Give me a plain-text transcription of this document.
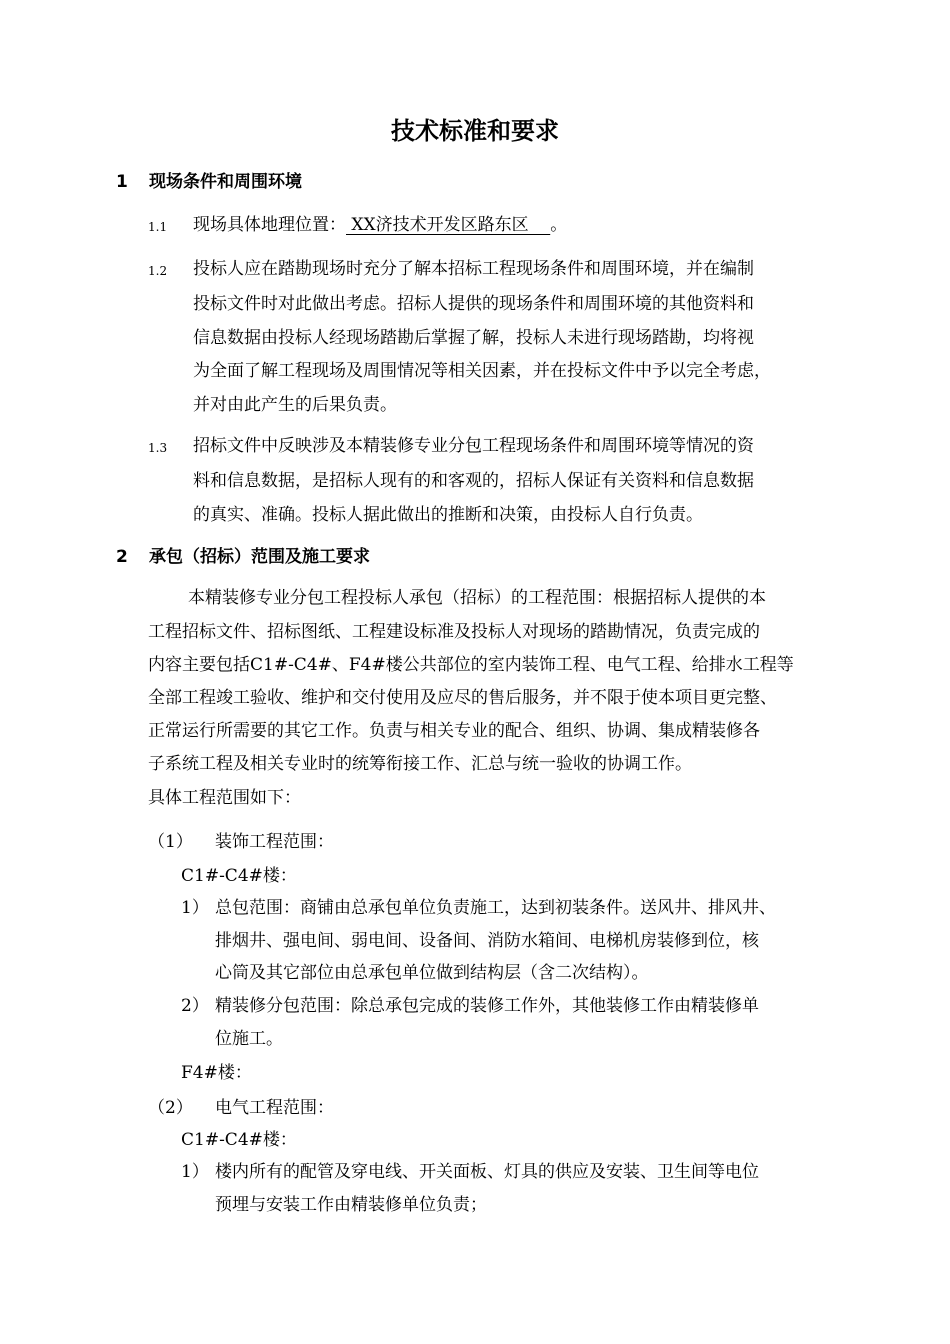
技术标准和要求
1 现场条件和周围环境
1.1 现场具体地理位置： XX济技术开发区路东区    。
1.2 投标人应在踏勘现场时充分了解本招标工程现场条件和周围环境，并在编制
投标文件时对此做出考虑。招标人提供的现场条件和周围环境的其他资料和
信息数据由投标人经现场踏勘后掌握了解，投标人未进行现场踏勘，均将视
为全面了解工程现场及周围情况等相关因素，并在投标文件中予以完全考虑，
并对由此产生的后果负责。
1.3 招标文件中反映涉及本精装修专业分包工程现场条件和周围环境等情况的资
料和信息数据，是招标人现有的和客观的，招标人保证有关资料和信息数据
的真实、准确。投标人据此做出的推断和决策，由投标人自行负责。
2 承包（招标）范围及施工要求
本精装修专业分包工程投标人承包（招标）的工程范围：根据招标人提供的本
工程招标文件、招标图纸、工程建设标准及投标人对现场的踏勘情况，负责完成的
内容主要包括C1#-C4#、F4#楼公共部位的室内装饰工程、电气工程、给排水工程等
全部工程竣工验收、维护和交付使用及应尽的售后服务，并不限于使本项目更完整、
正常运行所需要的其它工作。负责与相关专业的配合、组织、协调、集成精装修各
子系统工程及相关专业时的统筹衔接工作、汇总与统一验收的协调工作。
具体工程范围如下：
（1） 装饰工程范围：
C1#-C4#楼：
1） 总包范围：商铺由总承包单位负责施工，达到初装条件。送风井、排风井、
排烟井、强电间、弱电间、设备间、消防水箱间、电梯机房装修到位，核
心筒及其它部位由总承包单位做到结构层（含二次结构）。
2） 精装修分包范围：除总承包完成的装修工作外，其他装修工作由精装修单
位施工。
F4#楼：
（2） 电气工程范围：
C1#-C4#楼：
1） 楼内所有的配管及穿电线、开关面板、灯具的供应及安装、卫生间等电位
预埋与安装工作由精装修单位负责；
